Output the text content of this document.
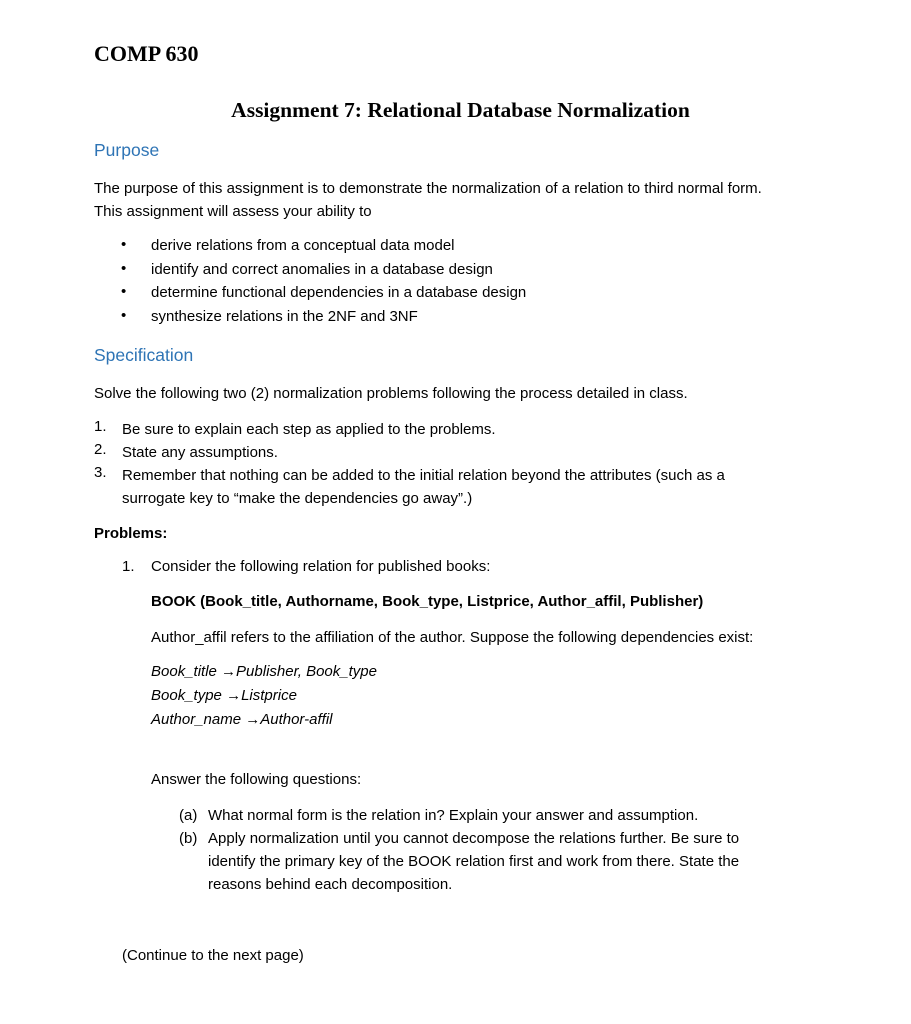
COMP 630
Assignment 7: Relational Database Normalization
Purpose
The purpose of this assignment is to demonstrate the normalization of a relation to third normal form.
This assignment will assess your ability to
• derive relations from a conceptual data model
• identify and correct anomalies in a database design
• determine functional dependencies in a database design
• synthesize relations in the 2NF and 3NF
Specification
Solve the following two (2) normalization problems following the process detailed in class.
1. Be sure to explain each step as applied to the problems.
2. State any assumptions.
3. Remember that nothing can be added to the initial relation beyond the attributes (such as a
surrogate key to “make the dependencies go away”.)
Problems:
1. Consider the following relation for published books:
BOOK (Book_title, Authorname, Book_type, Listprice, Author_affil, Publisher)
Author_affil refers to the affiliation of the author. Suppose the following dependencies exist:
Book_title →Publisher, Book_type
Book_type →Listprice
Author_name →Author-affil
Answer the following questions:
(a) What normal form is the relation in? Explain your answer and assumption.
(b) Apply normalization until you cannot decompose the relations further. Be sure to
identify the primary key of the BOOK relation first and work from there. State the
reasons behind each decomposition.
(Continue to the next page)
